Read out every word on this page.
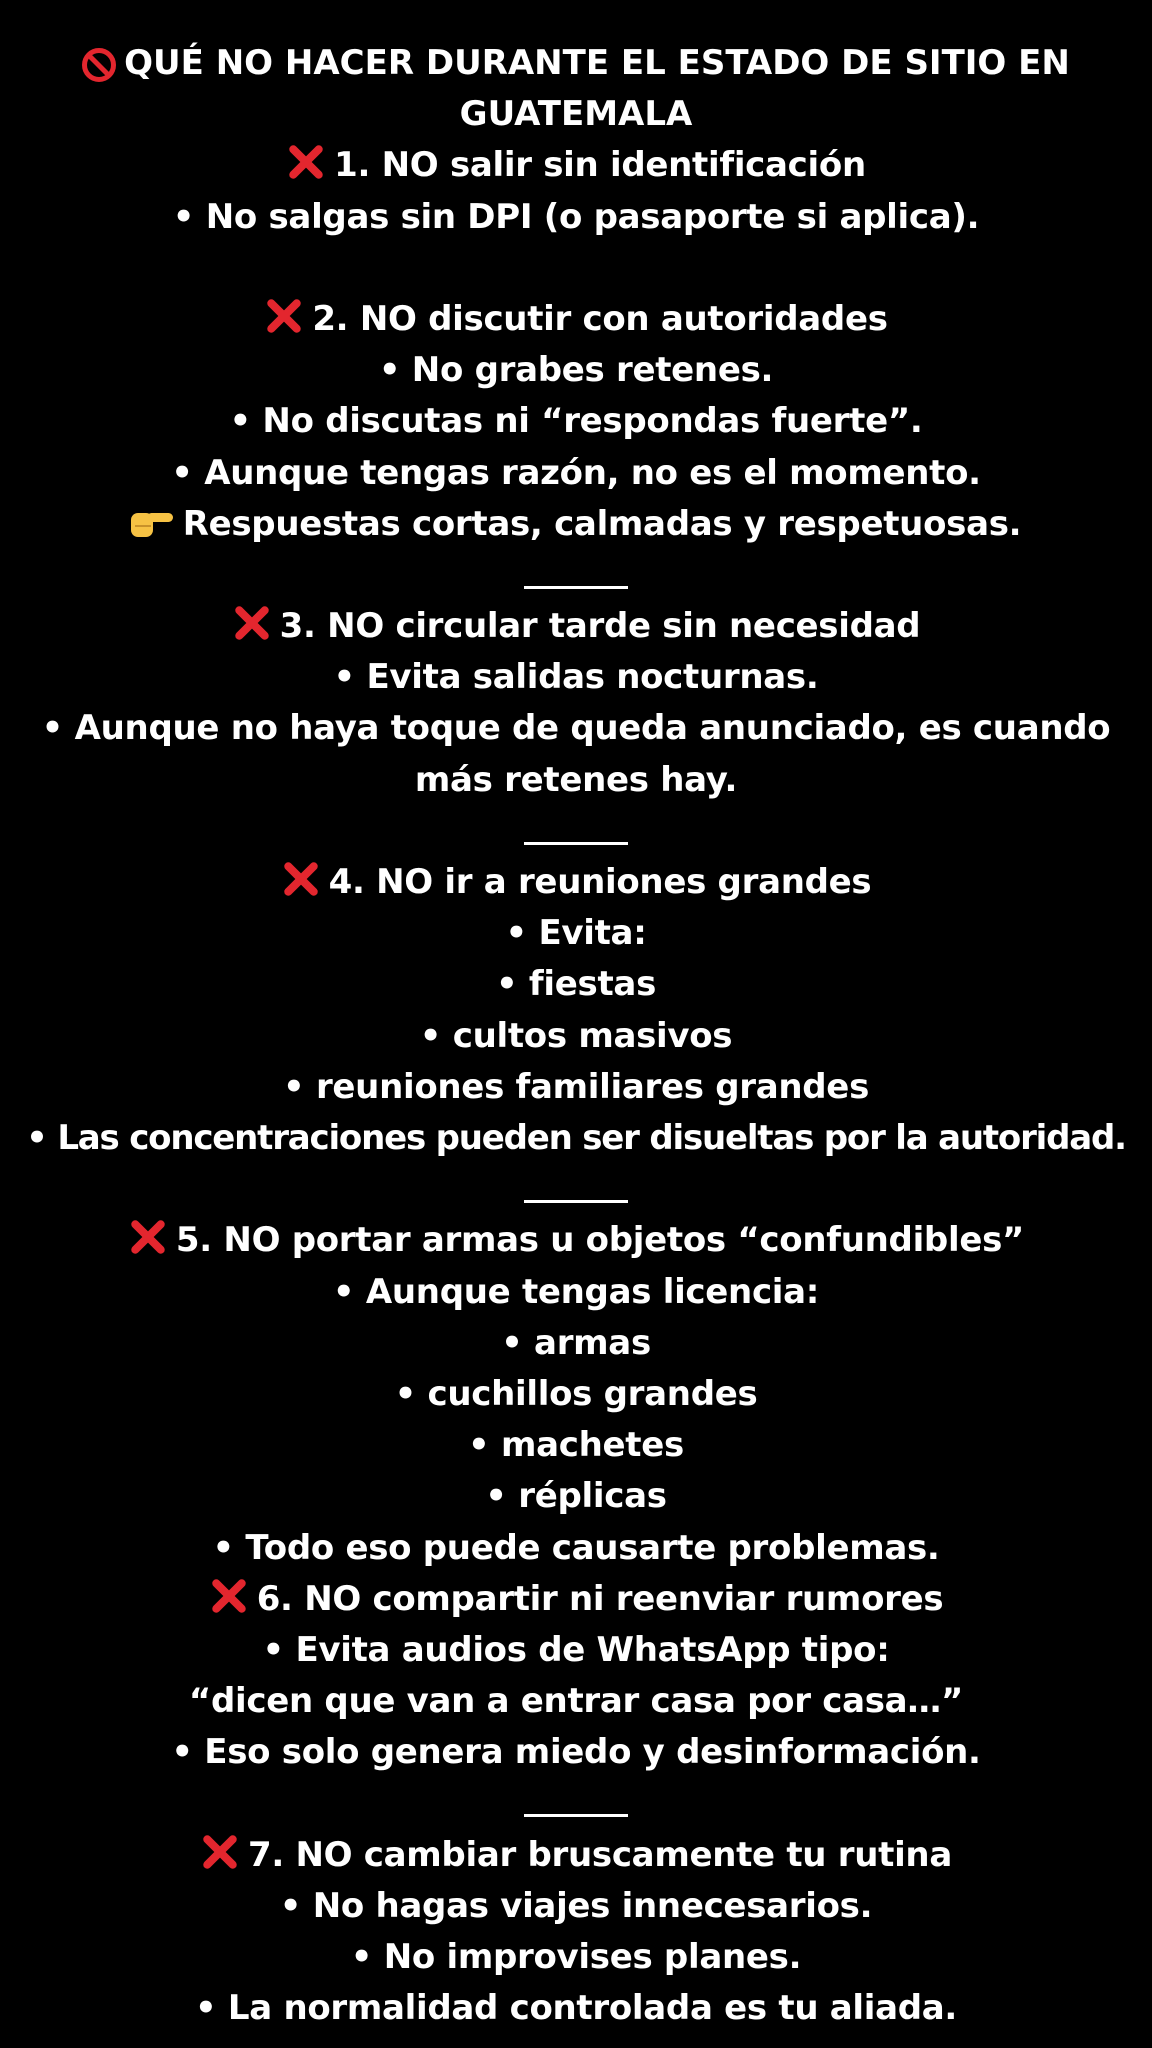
QUÉ NO HACER DURANTE EL ESTADO DE SITIO EN GUATEMALA
1. NO salir sin identificación
• No salgas sin DPI (o pasaporte si aplica).
2. NO discutir con autoridades
• No grabes retenes.
• No discutas ni “respondas fuerte”.
• Aunque tengas razón, no es el momento.
Respuestas cortas, calmadas y respetuosas.
3. NO circular tarde sin necesidad
• Evita salidas nocturnas.
• Aunque no haya toque de queda anunciado, es cuando más retenes hay.
4. NO ir a reuniones grandes
• Evita:
• fiestas
• cultos masivos
• reuniones familiares grandes
• Las concentraciones pueden ser disueltas por la autoridad.
5. NO portar armas u objetos “confundibles”
• Aunque tengas licencia:
• armas
• cuchillos grandes
• machetes
• réplicas
• Todo eso puede causarte problemas.
6. NO compartir ni reenviar rumores
• Evita audios de WhatsApp tipo:
“dicen que van a entrar casa por casa…”
• Eso solo genera miedo y desinformación.
7. NO cambiar bruscamente tu rutina
• No hagas viajes innecesarios.
• No improvises planes.
• La normalidad controlada es tu aliada.
